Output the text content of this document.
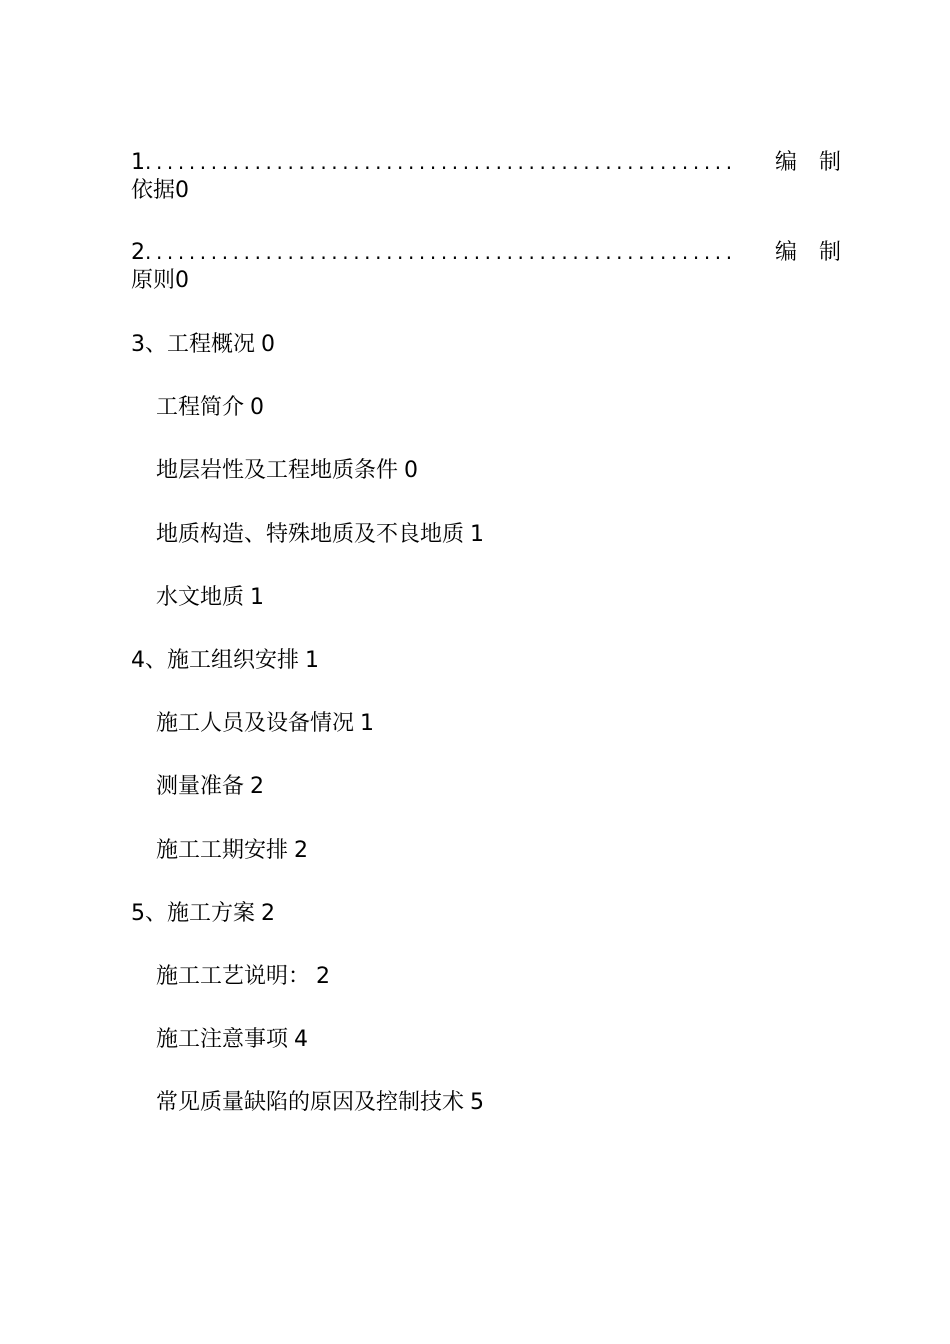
1 ......................................................	编制
依据0
2 ......................................................	编制
原则0
3、工程概况 0
工程简介 0
地层岩性及工程地质条件 0
地质构造、特殊地质及不良地质 1
水文地质 1
4、施工组织安排 1
施工人员及设备情况 1
测量准备 2
施工工期安排 2
5、施工方案 2
施工工艺说明： 2
施工注意事项 4
常见质量缺陷的原因及控制技术 5
